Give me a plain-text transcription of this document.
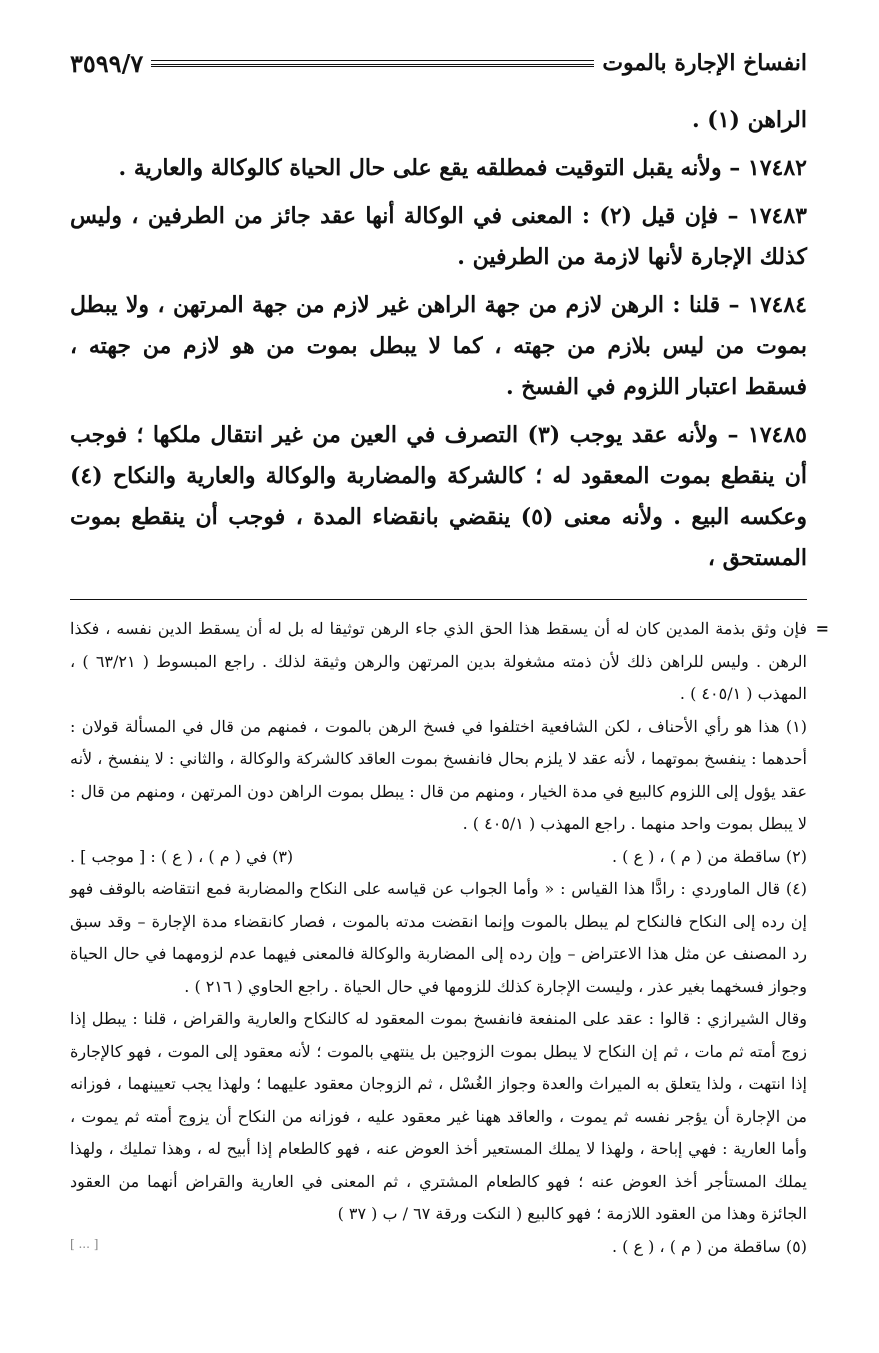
انفساخ الإجارة بالموت
٣٥٩٩/٧

الراهن (١) .

١٧٤٨٢ – ولأنه يقبل التوقيت فمطلقه يقع على حال الحياة كالوكالة والعارية .

١٧٤٨٣ – فإن قيل (٢) : المعنى في الوكالة أنها عقد جائز من الطرفين ، وليس كذلك الإجارة لأنها لازمة من الطرفين .

١٧٤٨٤ – قلنا : الرهن لازم من جهة الراهن غير لازم من جهة المرتهن ، ولا يبطل بموت من ليس بلازم من جهته ، كما لا يبطل بموت من هو لازم من جهته ، فسقط اعتبار اللزوم في الفسخ .

١٧٤٨٥ – ولأنه عقد يوجب (٣) التصرف في العين من غير انتقال ملكها ؛ فوجب أن ينقطع بموت المعقود له ؛ كالشركة والمضاربة والوكالة والعارية والنكاح (٤) وعكسه البيع . ولأنه معنى (٥) ينقضي بانقضاء المدة ، فوجب أن ينقطع بموت المستحق ،

= فإن وثق بذمة المدين كان له أن يسقط هذا الحق الذي جاء الرهن توثيقا له بل له أن يسقط الدين نفسه ، فكذا الرهن . وليس للراهن ذلك لأن ذمته مشغولة بدين المرتهن والرهن وثيقة لذلك . راجع المبسوط ( ٦٣/٢١ ) ، المهذب ( ٤٠٥/١ ) .

(١) هذا هو رأي الأحناف ، لكن الشافعية اختلفوا في فسخ الرهن بالموت ، فمنهم من قال في المسألة قولان : أحدهما : ينفسخ بموتهما ، لأنه عقد لا يلزم بحال فانفسخ بموت العاقد كالشركة والوكالة ، والثاني : لا ينفسخ ، لأنه عقد يؤول إلى اللزوم كالبيع في مدة الخيار ، ومنهم من قال : يبطل بموت الراهن دون المرتهن ، ومنهم من قال : لا يبطل بموت واحد منهما . راجع المهذب ( ٤٠٥/١ ) .

(٢) ساقطة من ( م ) ، ( ع ) .
(٣) في ( م ) ، ( ع ) : [ موجب ] .

(٤) قال الماوردي : رادًّا هذا القياس : « وأما الجواب عن قياسه على النكاح والمضاربة فمع انتقاضه بالوقف فهو إن رده إلى النكاح فالنكاح لم يبطل بالموت وإنما انقضت مدته بالموت ، فصار كانقضاء مدة الإجارة – وقد سبق رد المصنف عن مثل هذا الاعتراض – وإن رده إلى المضاربة والوكالة فالمعنى فيهما عدم لزومهما في حال الحياة وجواز فسخهما بغير عذر ، وليست الإجارة كذلك للزومها في حال الحياة . راجع الحاوي ( ٢١٦ ) .

وقال الشيرازي : قالوا : عقد على المنفعة فانفسخ بموت المعقود له كالنكاح والعارية والقراض ، قلنا : يبطل إذا زوج أمته ثم مات ، ثم إن النكاح لا يبطل بموت الزوجين بل ينتهي بالموت ؛ لأنه معقود إلى الموت ، فهو كالإجارة إذا انتهت ، ولذا يتعلق به الميراث والعدة وجواز الغُسْل ، ثم الزوجان معقود عليهما ؛ ولهذا يجب تعيينهما ، فوزانه من الإجارة أن يؤجر نفسه ثم يموت ، والعاقد ههنا غير معقود عليه ، فوزانه من النكاح أن يزوج أمته ثم يموت ، وأما العارية : فهي إباحة ، ولهذا لا يملك المستعير أخذ العوض عنه ، فهو كالطعام إذا أبيح له ، وهذا تمليك ، ولهذا يملك المستأجر أخذ العوض عنه ؛ فهو كالطعام المشتري ، ثم المعنى في العارية والقراض أنهما من العقود الجائزة وهذا من العقود اللازمة ؛ فهو كالبيع ( النكت ورقة ٦٧ / ب ( ٣٧ )

(٥) ساقطة من ( م ) ، ( ع ) .

[ ... ]
